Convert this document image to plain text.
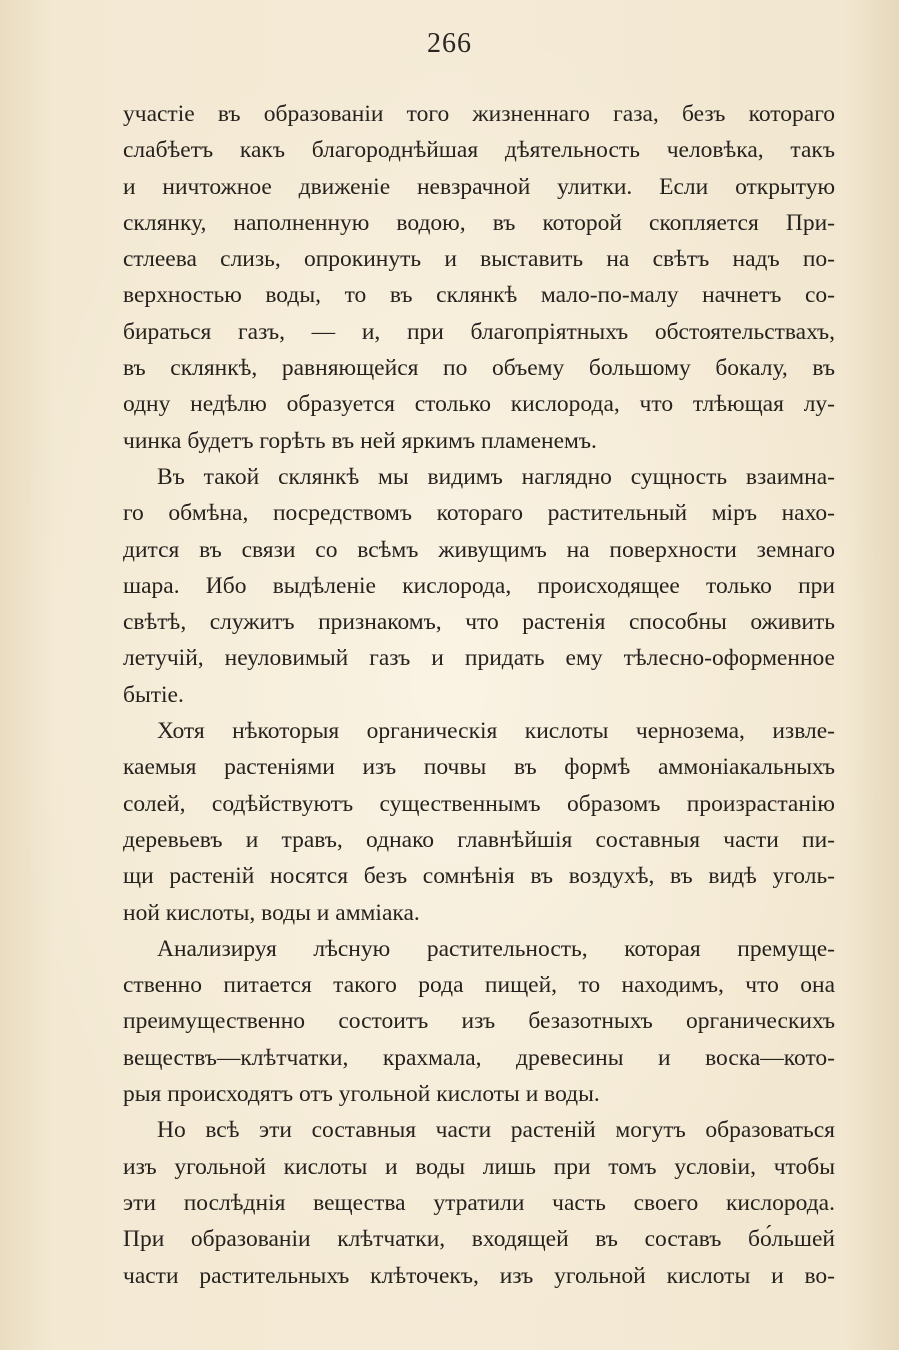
266
участіе въ образованіи того жизненнаго газа, безъ котораго
слабѣетъ какъ благороднѣйшая дѣятельность человѣка, такъ
и ничтожное движеніе невзрачной улитки. Если открытую
склянку, наполненную водою, въ которой скопляется При-
стлеева слизь, опрокинуть и выставить на свѣтъ надъ по-
верхностью воды, то въ склянкѣ мало-по-малу начнетъ со-
бираться газъ, — и, при благопріятныхъ обстоятельствахъ,
въ склянкѣ, равняющейся по объему большому бокалу, въ
одну недѣлю образуется столько кислорода, что тлѣющая лу-
чинка будетъ горѣть въ ней яркимъ пламенемъ.
Въ такой склянкѣ мы видимъ наглядно сущность взаимна-
го обмѣна, посредствомъ котораго растительный міръ нахо-
дится въ связи со всѣмъ живущимъ на поверхности земнаго
шара. Ибо выдѣленіе кислорода, происходящее только при
свѣтѣ, служитъ признакомъ, что растенія способны оживить
летучій, неуловимый газъ и придать ему тѣлесно-оформенное
бытіе.
Хотя нѣкоторыя органическія кислоты чернозема, извле-
каемыя растеніями изъ почвы въ формѣ аммоніакальныхъ
солей, содѣйствуютъ существеннымъ образомъ произрастанію
деревьевъ и травъ, однако главнѣйшія составныя части пи-
щи растеній носятся безъ сомнѣнія въ воздухѣ, въ видѣ уголь-
ной кислоты, воды и амміака.
Анализируя лѣсную растительность, которая премуще-
ственно питается такого рода пищей, то находимъ, что она
преимущественно состоитъ изъ безазотныхъ органическихъ
веществъ—клѣтчатки, крахмала, древесины и воска—кото-
рыя происходятъ отъ угольной кислоты и воды.
Но всѣ эти составныя части растеній могутъ образоваться
изъ угольной кислоты и воды лишь при томъ условіи, чтобы
эти послѣднія вещества утратили часть своего кислорода.
При образованіи клѣтчатки, входящей въ составъ бо́льшей
части растительныхъ клѣточекъ, изъ угольной кислоты и во-
